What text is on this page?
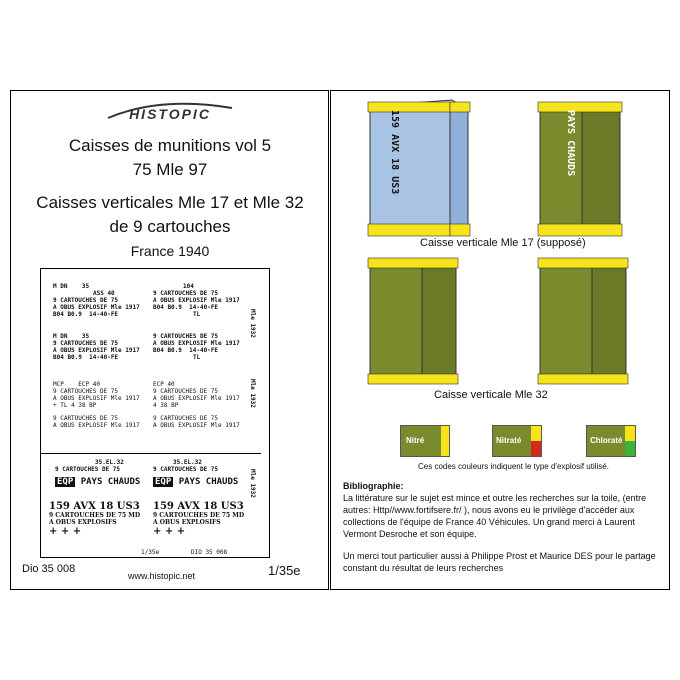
HISTOPIC
Caisses de munitions vol 5
75 Mle 97
Caisses verticales Mle 17 et Mle 32
de 9 cartouches
France 1940
M DN 35
ASS 40
9 CARTOUCHES DE 75
A OBUS EXPLOSIF Mle 1917
B04 B0.9 14-40-FE
104
9 CARTOUCHES DE 75
A OBUS EXPLOSIF Mle 1917
B04 B0.9 14-40-FE
TL
M DN 35
9 CARTOUCHES DE 75
A OBUS EXPLOSIF Mle 1917
B04 B0.9 14-40-FE
9 CARTOUCHES DE 75
A OBUS EXPLOSIF Mle 1917
B04 B0.9 14-40-FE
TL
MCP ECP 40
9 CARTOUCHES DE 75
A OBUS EXPLOSIF Mle 1917
+ TL 4 38 BP
ECP 40
9 CARTOUCHES DE 75
A OBUS EXPLOSIF Mle 1917
4 38 BP
9 CARTOUCHES DE 75
A OBUS EXPLOSIF Mle 1917
9 CARTOUCHES DE 75
A OBUS EXPLOSIF Mle 1917
35.EL.32
9 CARTOUCHES DE 75
EQP PAYS CHAUDS
35.EL.32
9 CARTOUCHES DE 75
EQP PAYS CHAUDS
159 AVX 18 US3
9 CARTOUCHES DE 75 MD
A OBUS EXPLOSIFS
+ + +
159 AVX 18 US3
9 CARTOUCHES DE 75 MD
A OBUS EXPLOSIFS
+ + +
Mle 1932
Mle 1932
Mle 1932
1/35e	DIO 35 008
Dio 35 008
www.histopic.net	1/35e
159 AVX 18 US3	PAYS CHAUDS
Caisse verticale Mle 17 (supposé)
Caisse verticale Mle 32
Nitré	Nitraté	Chloraté
Ces codes couleurs indiquent le type d'explosif utilisé.
Bibliographie:
La littérature sur le sujet est mince et outre les recherches sur la toile, (entre autres: Http//www.fortifsere.fr/ ), nous avons eu le privilège d'accéder aux collections de l'équipe de France 40 Véhicules. Un grand merci à Laurent Vermont Desroche et son équipe.
Un merci tout particulier aussi à Philippe Prost et Maurice DES pour le partage constant du résultat de leurs recherches
